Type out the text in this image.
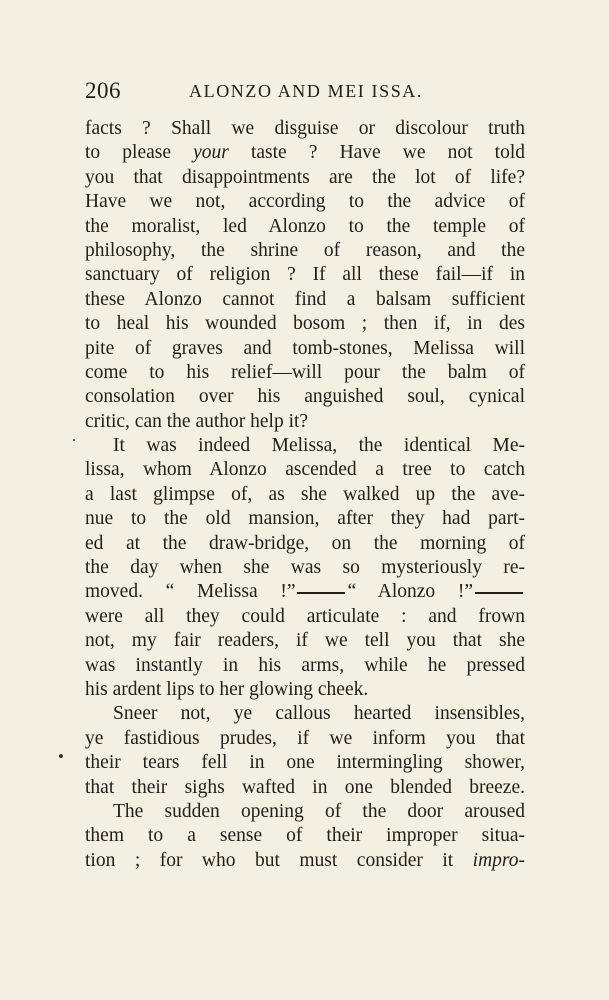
206	ALONZO AND MEI ISSA.
.
•
facts ? Shall we disguise or discolour truth
to please your taste ? Have we not told
you that disappointments are the lot of life?
Have we not, according to the advice of
the moralist, led Alonzo to the temple of
philosophy, the shrine of reason, and the
sanctuary of religion ? If all these fail—if in
these Alonzo cannot find a balsam sufficient
to heal his wounded bosom ; then if, in des
pite of graves and tomb-stones, Melissa will
come to his relief—will pour the balm of
consolation over his anguished soul, cynical
critic, can the author help it?
It was indeed Melissa, the identical Me-
lissa, whom Alonzo ascended a tree to catch
a last glimpse of, as she walked up the ave-
nue to the old mansion, after they had part-
ed at the draw-bridge, on the morning of
the day when she was so mysteriously re-
moved. “ Melissa !”	“ Alonzo !”
were all they could articulate : and frown
not, my fair readers, if we tell you that she
was instantly in his arms, while he pressed
his ardent lips to her glowing cheek.
Sneer not, ye callous hearted insensibles,
ye fastidious prudes, if we inform you that
their tears fell in one intermingling shower,
that their sighs wafted in one blended breeze.
The sudden opening of the door aroused
them to a sense of their improper situa-
tion ; for who but must consider it impro-
